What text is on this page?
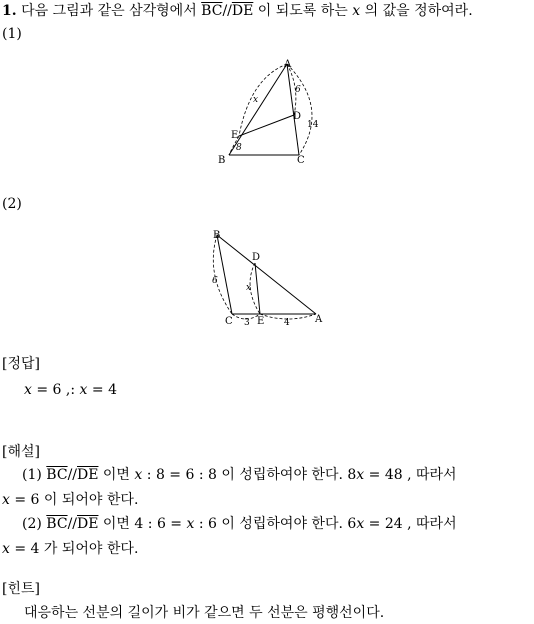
1. 다음 그림과 같은 삼각형에서 $\overline{BC}//\overline{DE}$ 이 되도록 하는 x 의 값을 정하여라.
(1)
A
B	C
D
E
x
6
8
14
(2)
B
C
D
E	A
6
x
3	4
[정답]
x = 6 ,: x = 4
[해설]
(1) $\overline{BC}//\overline{DE}$ 이면 x : 8 = 6 : 8 이 성립하여야 한다. 8x = 48 , 따라서
x = 6 이 되어야 한다.
(2) $\overline{BC}//\overline{DE}$ 이면 4 : 6 = x : 6 이 성립하여야 한다. 6x = 24 , 따라서
x = 4 가 되어야 한다.
[힌트]
대응하는 선분의 길이가 비가 같으면 두 선분은 평행선이다.
